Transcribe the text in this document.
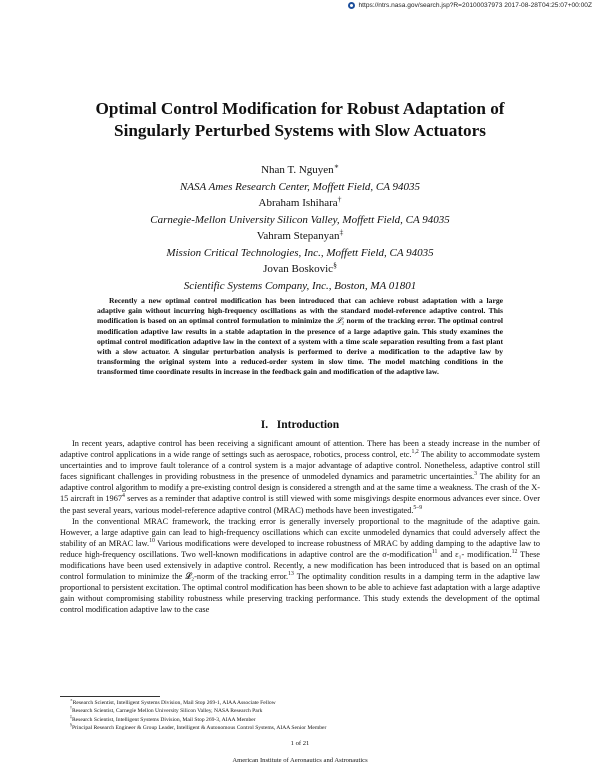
https://ntrs.nasa.gov/search.jsp?R=20100037973 2017-08-28T04:25:07+00:00Z
Optimal Control Modification for Robust Adaptation of
Singularly Perturbed Systems with Slow Actuators
Nhan T. Nguyen∗
NASA Ames Research Center, Moffett Field, CA 94035
Abraham Ishihara†
Carnegie-Mellon University Silicon Valley, Moffett Field, CA 94035
Vahram Stepanyan‡
Mission Critical Technologies, Inc., Moffett Field, CA 94035
Jovan Boskovic§
Scientific Systems Company, Inc., Boston, MA 01801

Recently a new optimal control modification has been introduced that can achieve robust adaptation with a large adaptive gain without incurring high-frequency oscillations as with the standard model-reference adaptive control. This modification is based on an optimal control formulation to minimize the 𝓛₂ norm of the tracking error. The optimal control modification adaptive law results in a stable adaptation in the presence of a large adaptive gain. This study examines the optimal control modification adaptive law in the context of a system with a time scale separation resulting from a fast plant with a slow actuator. A singular perturbation analysis is performed to derive a modification to the adaptive law by transforming the original system into a reduced-order system in slow time. The model matching conditions in the transformed time coordinate results in increase in the feedback gain and modification of the adaptive law.

I. Introduction

In recent years, adaptive control has been receiving a significant amount of attention. There has been a steady increase in the number of adaptive control applications in a wide range of settings such as aerospace, robotics, process control, etc.$^{1,2}$ The ability to accommodate system uncertainties and to improve fault tolerance of a control system is a major advantage of adaptive control. Nonetheless, adaptive control still faces significant challenges in providing robustness in the presence of unmodeled dynamics and parametric uncertainties.$^3$ The ability for an adaptive control algorithm to modify a pre-existing control design is considered a strength and at the same time a weakness. The crash of the X-15 aircraft in 1967$^4$ serves as a reminder that adaptive control is still viewed with some misgivings despite enormous advances ever since. Over the past several years, various model-reference adaptive control (MRAC) methods have been investigated.$^{5-9}$

In the conventional MRAC framework, the tracking error is generally inversely proportional to the magnitude of the adaptive gain. However, a large adaptive gain can lead to high-frequency oscillations which can excite unmodeled dynamics that could adversely affect the stability of an MRAC law.$^{10}$ Various modifications were developed to increase robustness of MRAC by adding damping to the adaptive law to reduce high-frequency oscillations. Two well-known modifications in adaptive control are the σ-modification$^{11}$ and ε₁- modification.$^{12}$ These modifications have been used extensively in adaptive control. Recently, a new modification has been introduced that is based on an optimal control formulation to minimize the 𝓛₂-norm of the tracking error.$^{13}$ The optimality condition results in a damping term in the adaptive law proportional to persistent excitation. The optimal control modification has been shown to be able to achieve fast adaptation with a large adaptive gain without compromising stability robustness while preserving tracking performance. This study extends the development of the optimal control modification adaptive law to the case

∗Research Scientist, Intelligent Systems Division, Mail Stop 269-1, AIAA Associate Fellow
†Research Scientist, Carnegie Mellon University Silicon Valley, NASA Research Park
‡Research Scientist, Intelligent Systems Division, Mail Stop 269-3, AIAA Member
§Principal Research Engineer & Group Leader, Intelligent & Autonomous Control Systems, AIAA Senior Member
1 of 21
American Institute of Aeronautics and Astronautics
